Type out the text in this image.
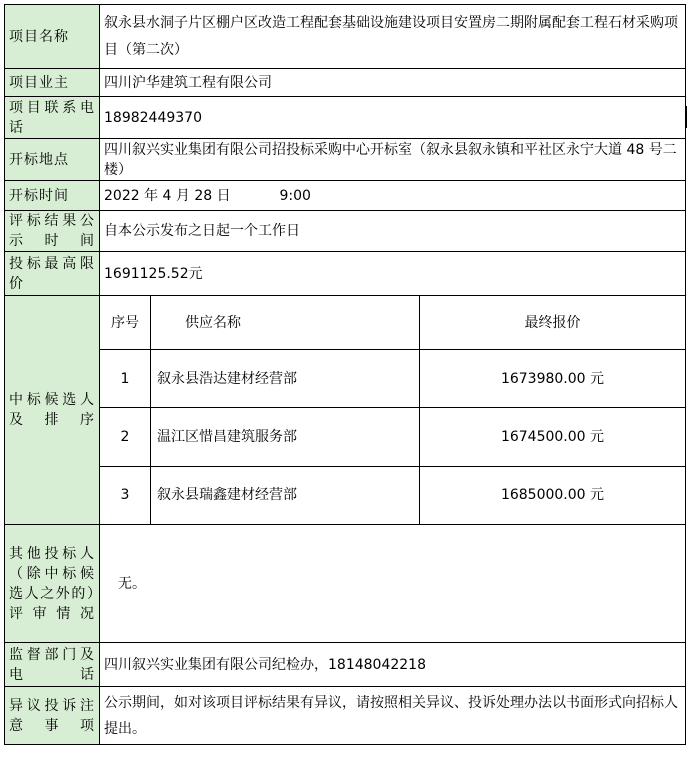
项目名称	叙永县水洞子片区棚户区改造工程配套基础设施建设项目安置房二期附属配套工程石材采购项目（第二次）
项目业主	四川沪华建筑工程有限公司
项目联系电话	18982449370
开标地点	四川叙兴实业集团有限公司招投标采购中心开标室（叙永县叙永镇和平社区永宁大道 48 号二楼）
开标时间	2022 年 4 月 28 日	9:00
评标结果公示时间	自本公示发布之日起一个工作日
投标最高限价	1691125.52元
中标候选人及排序	
序号	供应名称	最终报价
1	叙永县浩达建材经营部	1673980.00 元
2	温江区惜昌建筑服务部	1674500.00 元
3	叙永县瑞鑫建材经营部	1685000.00 元

其他投标人（除中标候选人之外的）评审情况	无。
监督部门及电话	四川叙兴实业集团有限公司纪检办，18148042218
异议投诉注意事项	公示期间，如对该项目评标结果有异议，请按照相关异议、投诉处理办法以书面形式向招标人提出。
